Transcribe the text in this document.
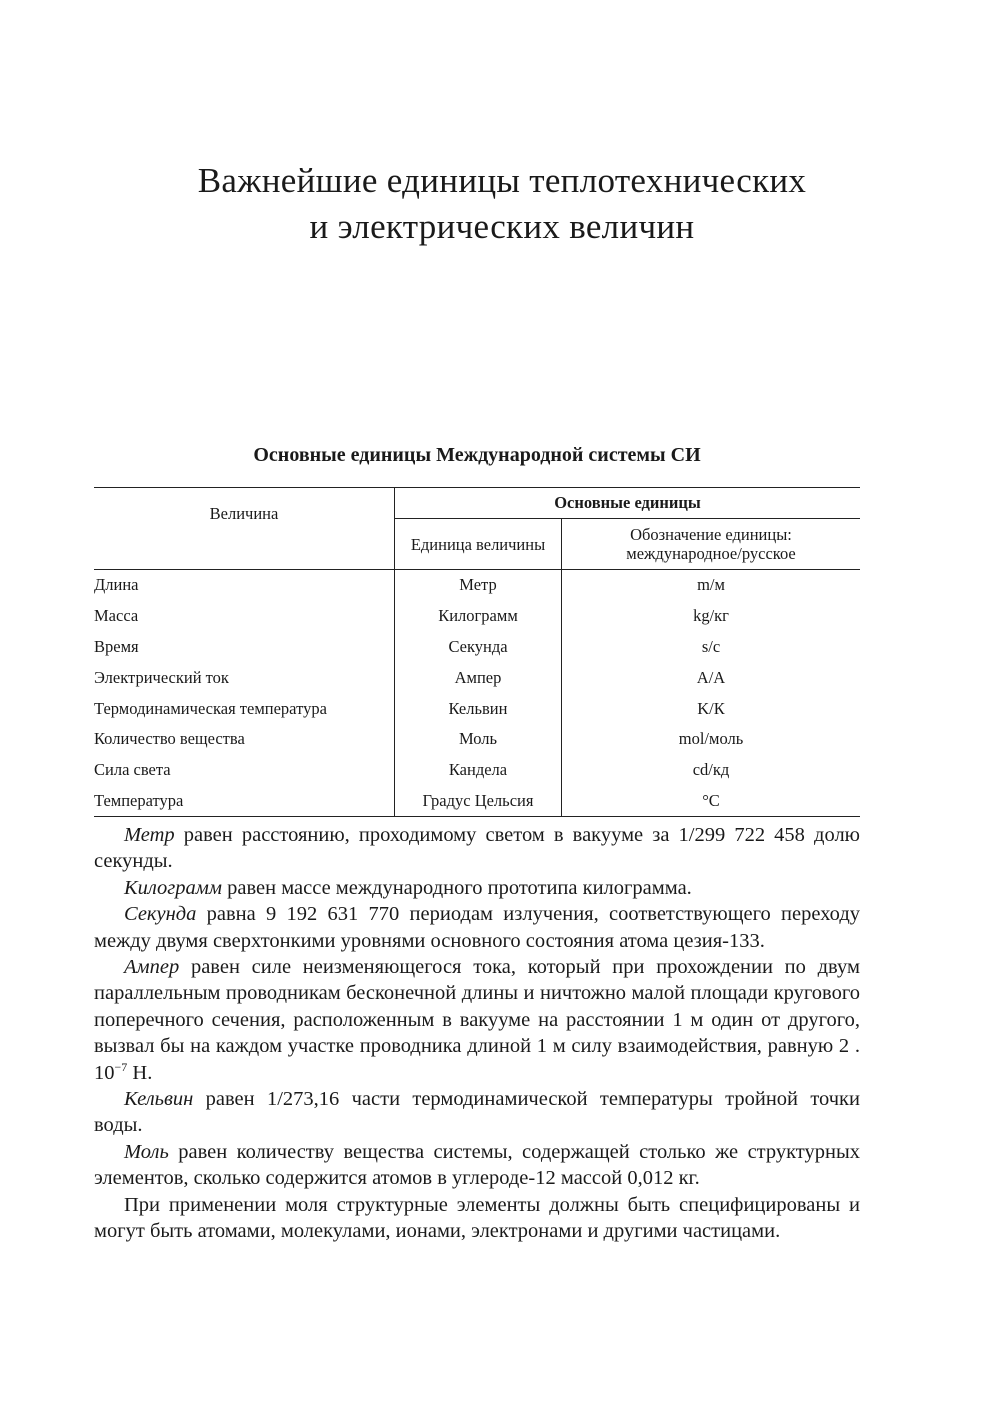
Важнейшие единицы теплотехнических
и электрических величин
Основные единицы Международной системы СИ
Величина	Основные единицы	
	Единица величины	Обозначение единицы: международное/русское
Длина	Метр	m/м
Масса	Килограмм	kg/кг
Время	Секунда	s/с
Электрический ток	Ампер	A/А
Термодинамическая температура	Кельвин	K/К
Количество вещества	Моль	mol/моль
Сила света	Кандела	cd/кд
Температура	Градус Цельсия	°C

Метр равен расстоянию, проходимому светом в вакууме за 1/299 722 458 долю секунды.

Килограмм равен массе международного прототипа килограмма.

Секунда равна 9 192 631 770 периодам излучения, соответствующего переходу между двумя сверхтонкими уровнями основного состояния атома цезия-133.

Ампер равен силе неизменяющегося тока, который при прохождении по двум параллельным проводникам бесконечной длины и ничтожно малой площади кругового поперечного сечения, расположенным в вакууме на расстоянии 1 м один от другого, вызвал бы на каждом участке проводника длиной 1 м силу взаимодействия, равную 2 . $10^{-7}$ Н.

Кельвин равен 1/273,16 части термодинамической температуры тройной точки воды.

Моль равен количеству вещества системы, содержащей столько же структурных элементов, сколько содержится атомов в углероде-12 массой 0,012 кг.

При применении моля структурные элементы должны быть специфицированы и могут быть атомами, молекулами, ионами, электронами и другими частицами.
